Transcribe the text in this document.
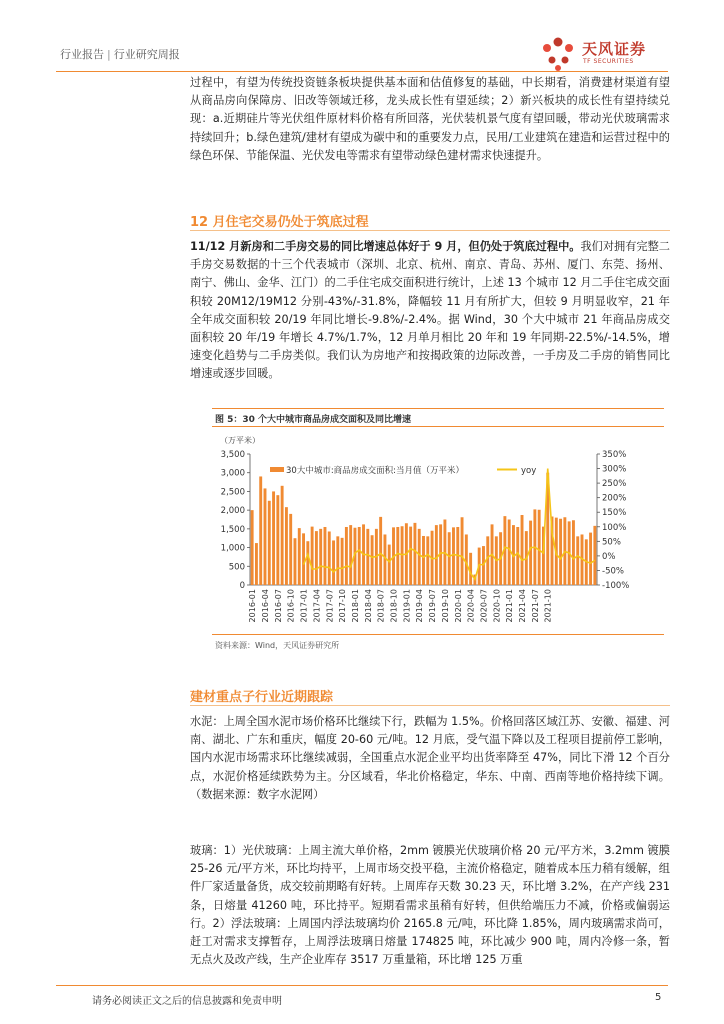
行业报告 | 行业研究周报	天风证券
TF SECURITIES

过程中，有望为传统投资链条板块提供基本面和估值修复的基础，中长期看，消费建材渠道有望从商品房向保障房、旧改等领域迁移，龙头成长性有望延续；2）新兴板块的成长性有望持续兑现：a.近期硅片等光伏组件原材料价格有所回落，光伏装机景气度有望回暖，带动光伏玻璃需求持续回升；b.绿色建筑/建材有望成为碳中和的重要发力点，民用/工业建筑在建造和运营过程中的绿色环保、节能保温、光伏发电等需求有望带动绿色建材需求快速提升。

12 月住宅交易仍处于筑底过程

11/12 月新房和二手房交易的同比增速总体好于 9 月，但仍处于筑底过程中。我们对拥有完整二手房交易数据的十三个代表城市（深圳、北京、杭州、南京、青岛、苏州、厦门、东莞、扬州、南宁、佛山、金华、江门）的二手住宅成交面积进行统计，上述 13 个城市 12 月二手住宅成交面积较 20M12/19M12 分别-43%/-31.8%，降幅较 11 月有所扩大，但较 9 月明显收窄，21 年全年成交面积较 20/19 年同比增长-9.8%/-2.4%。据 Wind，30 个大中城市 21 年商品房成交面积较 20 年/19 年增长 4.7%/1.7%，12 月单月相比 20 年和 19 年同期-22.5%/-14.5%，增速变化趋势与二手房类似。我们认为房地产和按揭政策的边际改善，一手房及二手房的销售同比增速或逐步回暖。

图 5：30 个大中城市商品房成交面积及同比增速
（万平米）
3,500
3,000
2,500
2,000
1,500
1,000
500
0
350%
300%
250%
200%
150%
100%
50%
0%
-50%
-100%
2016-01 2016-04 2016-07 2016-10 2017-01 2017-04 2017-07 2017-10 2018-01 2018-04 2018-07 2018-10 2019-01 2019-04 2019-07 2019-10 2020-01 2020-04 2020-07 2020-10 2021-01 2021-04 2021-07 2021-10
30大中城市:商品房成交面积:当月值（万平米）	yoy
资料来源：Wind，天风证券研究所
建材重点子行业近期跟踪

水泥：上周全国水泥市场价格环比继续下行，跌幅为 1.5%。价格回落区域江苏、安徽、福建、河南、湖北、广东和重庆，幅度 20-60 元/吨。12 月底，受气温下降以及工程项目提前停工影响，国内水泥市场需求环比继续减弱，全国重点水泥企业平均出货率降至 47%，同比下滑 12 个百分点，水泥价格延续跌势为主。分区域看，华北价格稳定，华东、中南、西南等地价格持续下调。（数据来源：数字水泥网）

玻璃：1）光伏玻璃：上周主流大单价格，2mm 镀膜光伏玻璃价格 20 元/平方米，3.2mm 镀膜 25-26 元/平方米，环比均持平，上周市场交投平稳，主流价格稳定，随着成本压力稍有缓解，组件厂家适量备货，成交较前期略有好转。上周库存天数 30.23 天，环比增 3.2%，在产产线 231 条，日熔量 41260 吨，环比持平。短期看需求虽稍有好转，但供给端压力不减，价格或偏弱运行。2）浮法玻璃：上周国内浮法玻璃均价 2165.8 元/吨，环比降 1.85%，周内玻璃需求尚可，赶工对需求支撑暂存，上周浮法玻璃日熔量 174825 吨，环比减少 900 吨，周内冷修一条，暂无点火及改产线，生产企业库存 3517 万重量箱，环比增 125 万重

请务必阅读正文之后的信息披露和免责申明	5
